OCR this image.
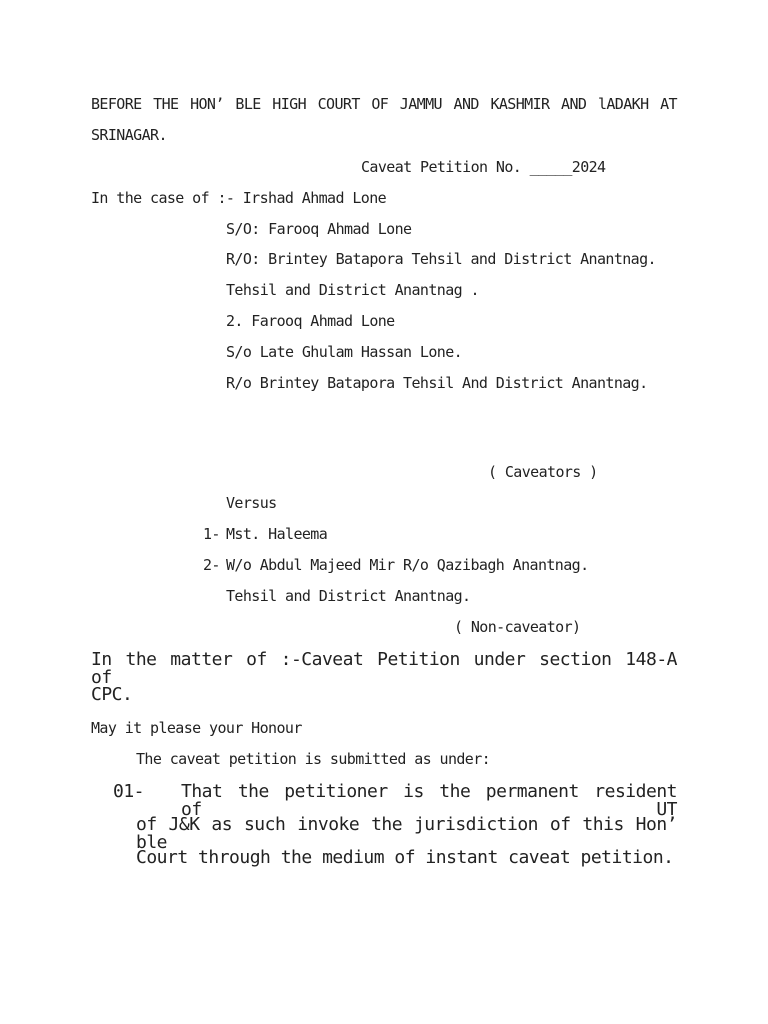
BEFORE THE HON’ BLE HIGH COURT OF JAMMU AND KASHMIR AND lADAKH AT
SRINAGAR.
Caveat Petition No. _____2024
In the case of :- Irshad Ahmad Lone
S/O: Farooq Ahmad Lone
R/O: Brintey Batapora Tehsil and District Anantnag.
Tehsil and District Anantnag .
2. Farooq Ahmad Lone
S/o Late Ghulam Hassan Lone.
R/o Brintey Batapora Tehsil And District Anantnag.
( Caveators )
Versus
1- Mst. Haleema
2- W/o Abdul Majeed Mir R/o Qazibagh Anantnag.
Tehsil and District Anantnag.
( Non-caveator)
In the matter of :-Caveat Petition under section 148-A of
CPC.
May it please your Honour
The caveat petition is submitted as under:
01- That the petitioner is the permanent resident of UT
of J&K as such invoke the jurisdiction of this Hon’ ble
Court through the medium of instant caveat petition.
